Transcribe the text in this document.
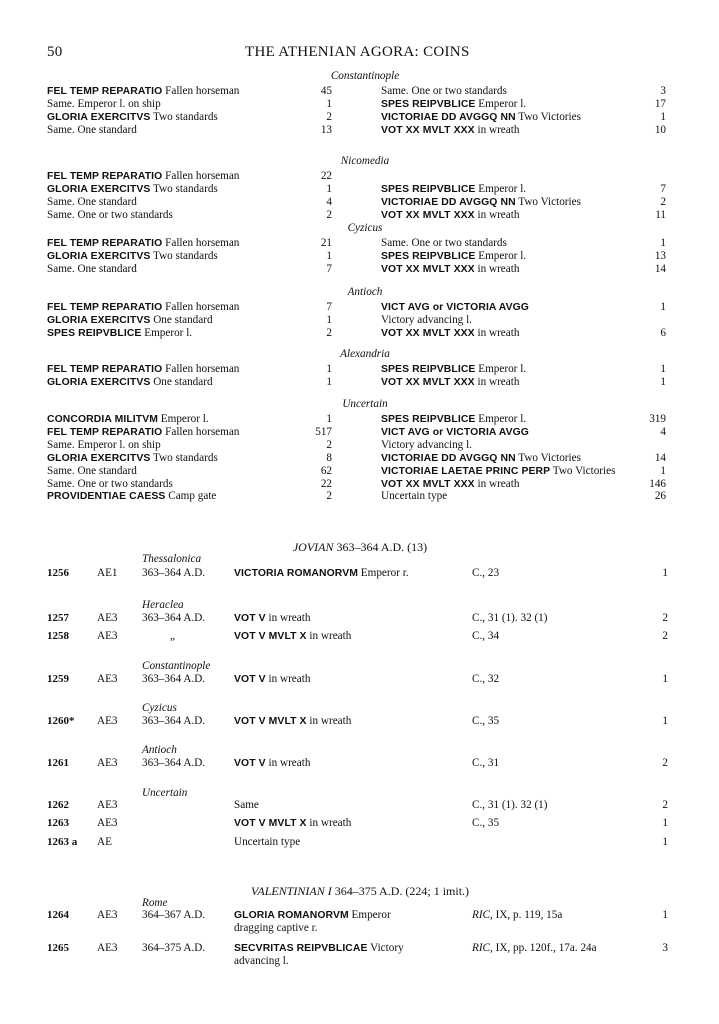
50	THE ATHENIAN AGORA: COINS
Constantinople
FEL TEMP REPARATIO Fallen horseman	45
Same. Emperor l. on ship	1
GLORIA EXERCITVS Two standards	2
Same. One standard	13
Same. One or two standards	3
SPES REIPVBLICE Emperor l.	17
VICTORIAE DD AVGGQ NN Two Victories	1
VOT XX MVLT XXX in wreath	10
Nicomedia
FEL TEMP REPARATIO Fallen horseman	22
GLORIA EXERCITVS Two standards	1
Same. One standard	4
Same. One or two standards	2
SPES REIPVBLICE Emperor l.	7
VICTORIAE DD AVGGQ NN Two Victories	2
VOT XX MVLT XXX in wreath	11
Cyzicus
FEL TEMP REPARATIO Fallen horseman	21
GLORIA EXERCITVS Two standards	1
Same. One standard	7
Same. One or two standards	1
SPES REIPVBLICE Emperor l.	13
VOT XX MVLT XXX in wreath	14
Antioch
FEL TEMP REPARATIO Fallen horseman	7
GLORIA EXERCITVS One standard	1
SPES REIPVBLICE Emperor l.	2
VICT AVG or VICTORIA AVGG	1
Victory advancing l.
VOT XX MVLT XXX in wreath	6
Alexandria
FEL TEMP REPARATIO Fallen horseman	1
GLORIA EXERCITVS One standard	1
SPES REIPVBLICE Emperor l.	1
VOT XX MVLT XXX in wreath	1
Uncertain
CONCORDIA MILITVM Emperor l.	1
FEL TEMP REPARATIO Fallen horseman	517
Same. Emperor l. on ship	2
GLORIA EXERCITVS Two standards	8
Same. One standard	62
Same. One or two standards	22
PROVIDENTIAE CAESS Camp gate	2
SPES REIPVBLICE Emperor l.	319
VICT AVG or VICTORIA AVGG	4
Victory advancing l.
VICTORIAE DD AVGGQ NN Two Victories	14
VICTORIAE LAETAE PRINC PERP Two Victories	1
VOT XX MVLT XXX in wreath	146
Uncertain type	26
JOVIAN 363–364 A.D. (13)
VALENTINIAN I 364–375 A.D. (224; 1 imit.)
Thessalonica
1256	AE1 363–364 A.D.	VICTORIA ROMANORVM Emperor r.	C., 23	1
Heraclea
1257	AE3 363–364 A.D.	VOT V in wreath	C., 31 (1). 32 (1)	2
1258	AE3	„	VOT V MVLT X in wreath	C., 34	2
Constantinople
1259	AE3 363–364 A.D.	VOT V in wreath	C., 32	1
Cyzicus
1260* AE3 363–364 A.D.	VOT V MVLT X in wreath	C., 35	1
Antioch
1261	AE3 363–364 A.D.	VOT V in wreath	C., 31	2
Uncertain
1262	AE3	Same	C., 31 (1). 32 (1)	2
1263	AE3	VOT V MVLT X in wreath	C., 35	1
1263 a AE	Uncertain type	1
Rome
1264	AE3 364–367 A.D.	GLORIA ROMANORVM Emperor
dragging captive r.
RIC, IX, p. 119, 15a	1
1265	AE3 364–375 A.D.	SECVRITAS REIPVBLICAE Victory
advancing l.
RIC, IX, pp. 120f., 17a. 24a	3
